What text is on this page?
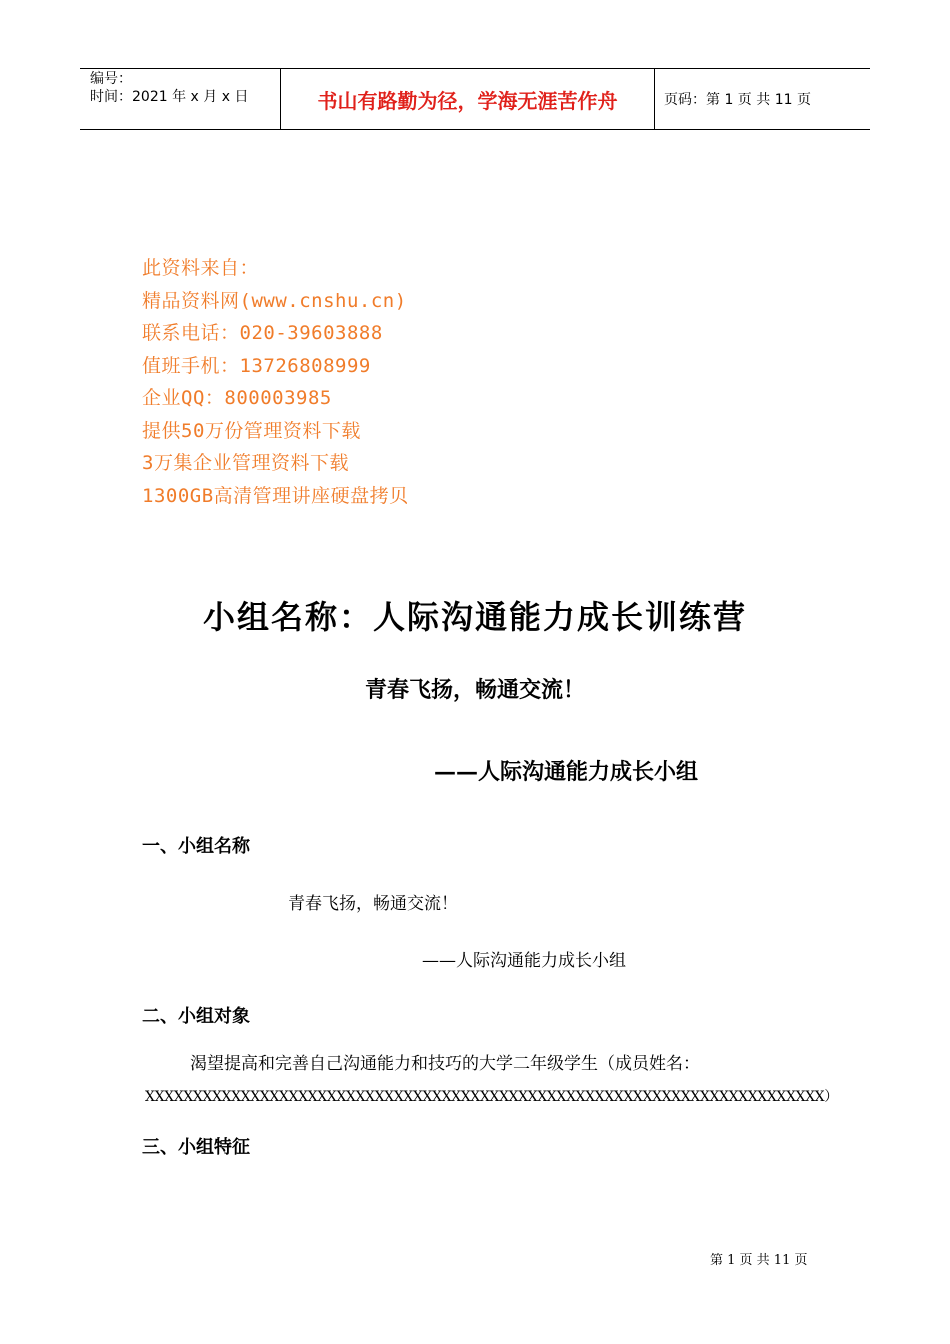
编号：
时间：2021 年 x 月 x 日	书山有路勤为径，学海无涯苦作舟	页码：第 1 页 共 11 页
此资料来自：
精品资料网(www.cnshu.cn)
联系电话：020-39603888
值班手机：13726808999
企业QQ：800003985
提供50万份管理资料下载
3万集企业管理资料下载
1300GB高清管理讲座硬盘拷贝
小组名称：人际沟通能力成长训练营
青春飞扬，畅通交流！
——人际沟通能力成长小组
一、小组名称
青春飞扬，畅通交流！
——人际沟通能力成长小组
二、小组对象
渴望提高和完善自己沟通能力和技巧的大学二年级学生（成员姓名：
XXXXXXXXXXXXXXXXXXXXXXXXXXXXXXXXXXXXXXXXXXXXXXXXXXXXXXXXXXXXXXXXXXXXXXX）
三、小组特征
第 1 页 共 11 页
